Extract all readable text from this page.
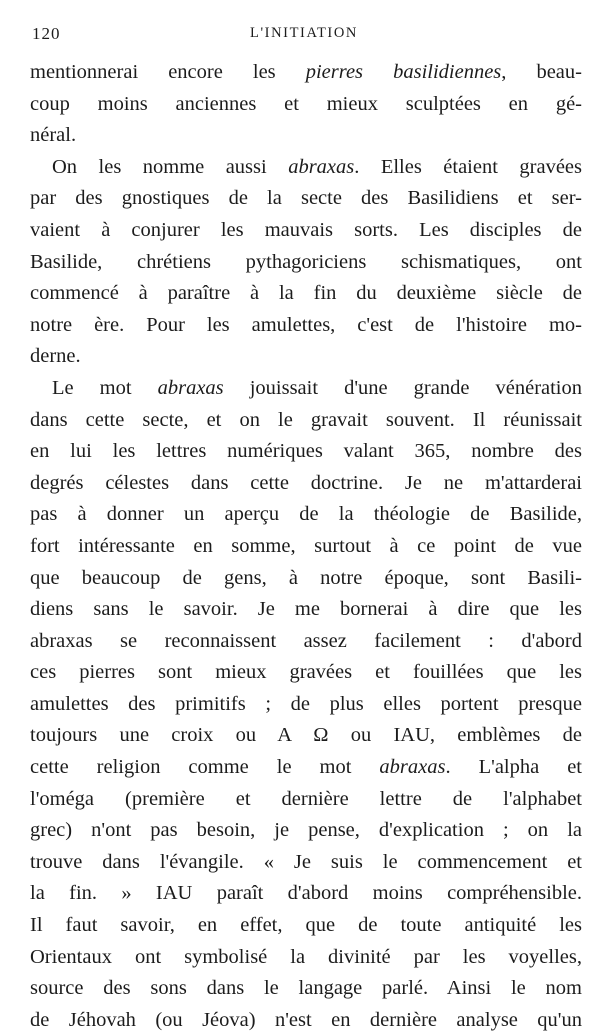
120	L'INITIATION
mentionnerai encore les pierres basilidiennes, beau-
coup moins anciennes et mieux sculptées en gé-
néral.
On les nomme aussi abraxas. Elles étaient gravées
par des gnostiques de la secte des Basilidiens et ser-
vaient à conjurer les mauvais sorts. Les disciples de
Basilide, chrétiens pythagoriciens schismatiques, ont
commencé à paraître à la fin du deuxième siècle de
notre ère. Pour les amulettes, c'est de l'histoire mo-
derne.
Le mot abraxas jouissait d'une grande vénération
dans cette secte, et on le gravait souvent. Il réunissait
en lui les lettres numériques valant 365, nombre des
degrés célestes dans cette doctrine. Je ne m'attarderai
pas à donner un aperçu de la théologie de Basilide,
fort intéressante en somme, surtout à ce point de vue
que beaucoup de gens, à notre époque, sont Basili-
diens sans le savoir. Je me bornerai à dire que les
abraxas se reconnaissent assez facilement : d'abord
ces pierres sont mieux gravées et fouillées que les
amulettes des primitifs ; de plus elles portent presque
toujours une croix ou A Ω ou IAU, emblèmes de
cette religion comme le mot abraxas. L'alpha et
l'oméga (première et dernière lettre de l'alphabet
grec) n'ont pas besoin, je pense, d'explication ; on la
trouve dans l'évangile. « Je suis le commencement et
la fin. » IAU paraît d'abord moins compréhensible.
Il faut savoir, en effet, que de toute antiquité les
Orientaux ont symbolisé la divinité par les voyelles,
source des sons dans le langage parlé. Ainsi le nom
de Jéhovah (ou Jéova) n'est en dernière analyse qu'un
